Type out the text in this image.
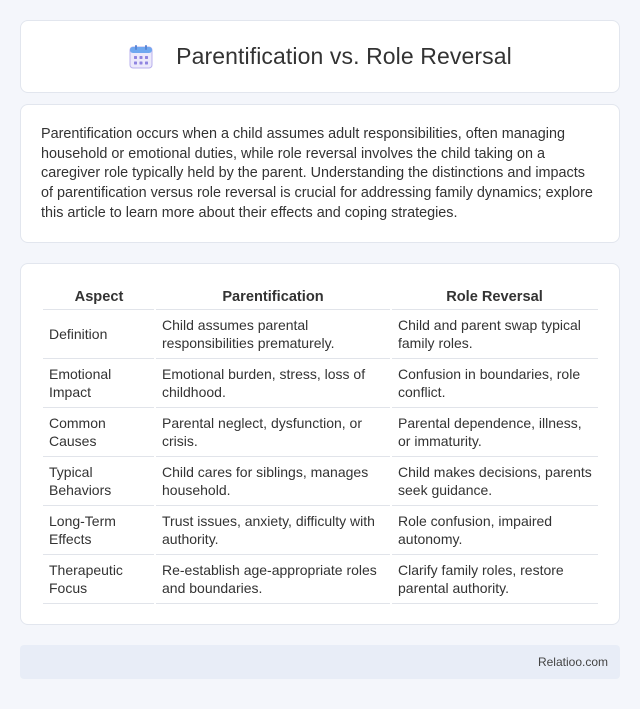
Parentification vs. Role Reversal

Parentification occurs when a child assumes adult responsibilities, often managing household or emotional duties, while role reversal involves the child taking on a caregiver role typically held by the parent. Understanding the distinctions and impacts of parentification versus role reversal is crucial for addressing family dynamics; explore this article to learn more about their effects and coping strategies.

Aspect	Parentification	Role Reversal
Definition	Child assumes parental responsibilities prematurely.	Child and parent swap typical family roles.
Emotional Impact	Emotional burden, stress, loss of childhood.	Confusion in boundaries, role conflict.
Common Causes	Parental neglect, dysfunction, or crisis.	Parental dependence, illness, or immaturity.
Typical Behaviors	Child cares for siblings, manages household.	Child makes decisions, parents seek guidance.
Long-Term Effects	Trust issues, anxiety, difficulty with authority.	Role confusion, impaired autonomy.
Therapeutic Focus	Re-establish age-appropriate roles and boundaries.	Clarify family roles, restore parental authority.
Relatioo.com
